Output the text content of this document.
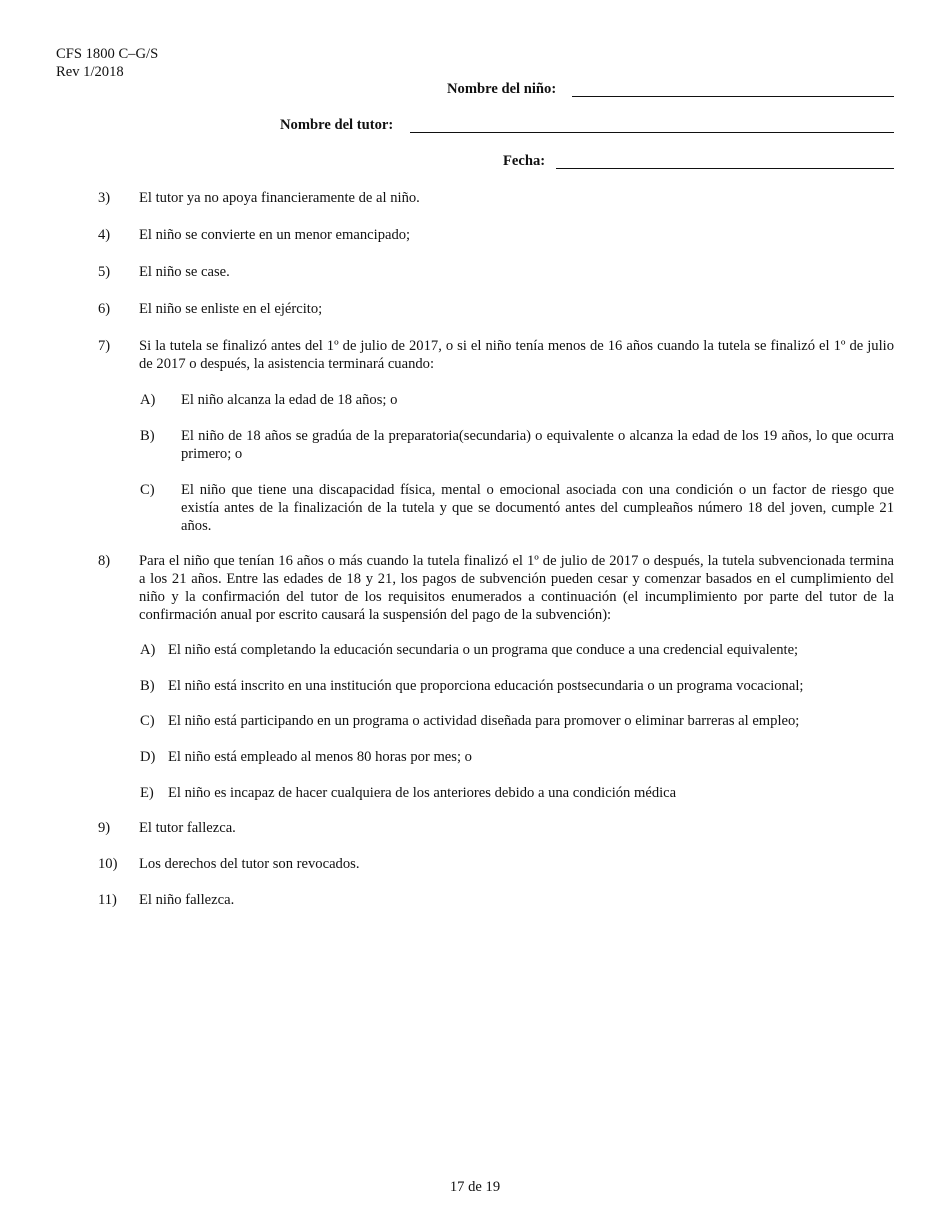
CFS 1800 C–G/S
Rev 1/2018
Nombre del niño:
Nombre del tutor:
Fecha:
3) El tutor ya no apoya financieramente de al niño.
4) El niño se convierte en un menor emancipado;
5) El niño se case.
6) El niño se enliste en el ejército;
7) Si la tutela se finalizó antes del 1º de julio de 2017, o si el niño tenía menos de 16 años cuando la tutela se finalizó el 1º de julio de 2017 o después, la asistencia terminará cuando:
A) El niño alcanza la edad de 18 años; o
B) El niño de 18 años se gradúa de la preparatoria(secundaria) o equivalente o alcanza la edad de los 19 años, lo que ocurra primero; o
C) El niño que tiene una discapacidad física, mental o emocional asociada con una condición o un factor de riesgo que existía antes de la finalización de la tutela y que se documentó antes del cumpleaños número 18 del joven, cumple 21 años.
8) Para el niño que tenían 16 años o más cuando la tutela finalizó el 1º de julio de 2017 o después, la tutela subvencionada termina a los 21 años. Entre las edades de 18 y 21, los pagos de subvención pueden cesar y comenzar basados en el cumplimiento del niño y la confirmación del tutor de los requisitos enumerados a continuación (el incumplimiento por parte del tutor de la confirmación anual por escrito causará la suspensión del pago de la subvención):
A) El niño está completando la educación secundaria o un programa que conduce a una credencial equivalente;
B) El niño está inscrito en una institución que proporciona educación postsecundaria o un programa vocacional;
C) El niño está participando en un programa o actividad diseñada para promover o eliminar barreras al empleo;
D) El niño está empleado al menos 80 horas por mes; o
E) El niño es incapaz de hacer cualquiera de los anteriores debido a una condición médica
9) El tutor fallezca.
10) Los derechos del tutor son revocados.
11) El niño fallezca.
17 de 19
